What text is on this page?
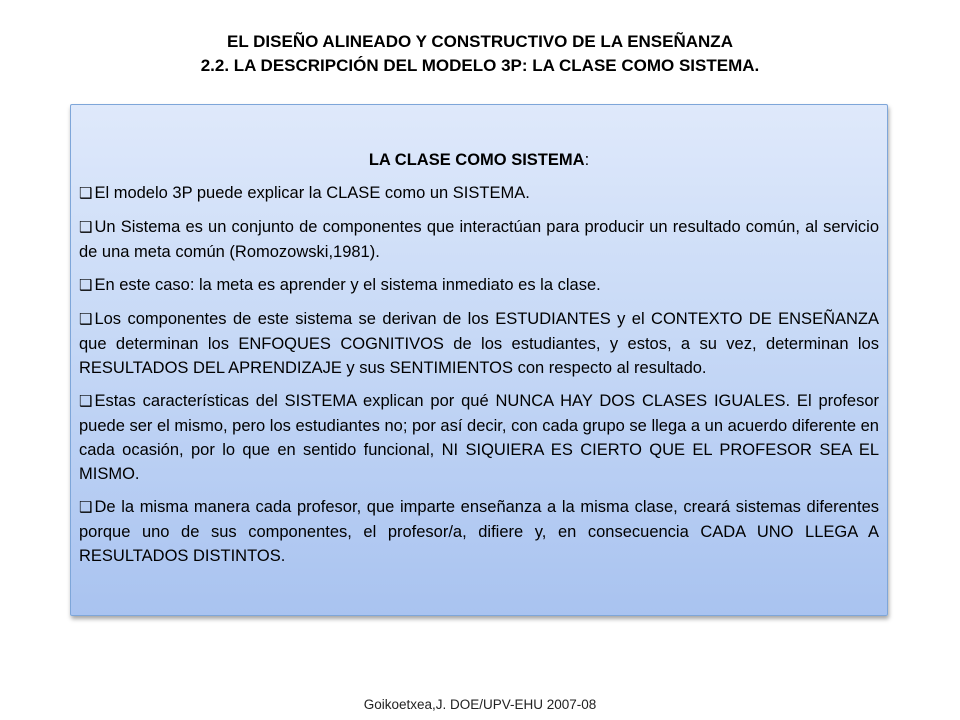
EL DISEÑO ALINEADO Y CONSTRUCTIVO DE LA ENSEÑANZA
2.2. LA DESCRIPCIÓN DEL MODELO 3P: LA CLASE COMO SISTEMA.

LA CLASE COMO SISTEMA:

❑ El modelo 3P puede explicar la CLASE como un SISTEMA.

❑ Un Sistema es un conjunto de componentes que interactúan para producir un resultado común, al servicio de una meta común (Romozowski,1981).

❑ En este caso: la meta es aprender y el sistema inmediato es la clase.

❑ Los componentes de este sistema se derivan de los ESTUDIANTES y el CONTEXTO DE ENSEÑANZA que determinan los ENFOQUES COGNITIVOS de los estudiantes, y estos, a su vez, determinan los RESULTADOS DEL APRENDIZAJE y sus SENTIMIENTOS con respecto al resultado.

❑ Estas características del SISTEMA explican por qué NUNCA HAY DOS CLASES IGUALES. El profesor puede ser el mismo, pero los estudiantes no; por así decir, con cada grupo se llega a un acuerdo diferente en cada ocasión, por lo que en sentido funcional, NI SIQUIERA ES CIERTO QUE EL PROFESOR SEA EL MISMO.

❑ De la misma manera cada profesor, que imparte enseñanza a la misma clase, creará sistemas diferentes porque uno de sus componentes, el profesor/a, difiere y, en consecuencia CADA UNO LLEGA A RESULTADOS DISTINTOS.

Goikoetxea,J. DOE/UPV-EHU 2007-08
